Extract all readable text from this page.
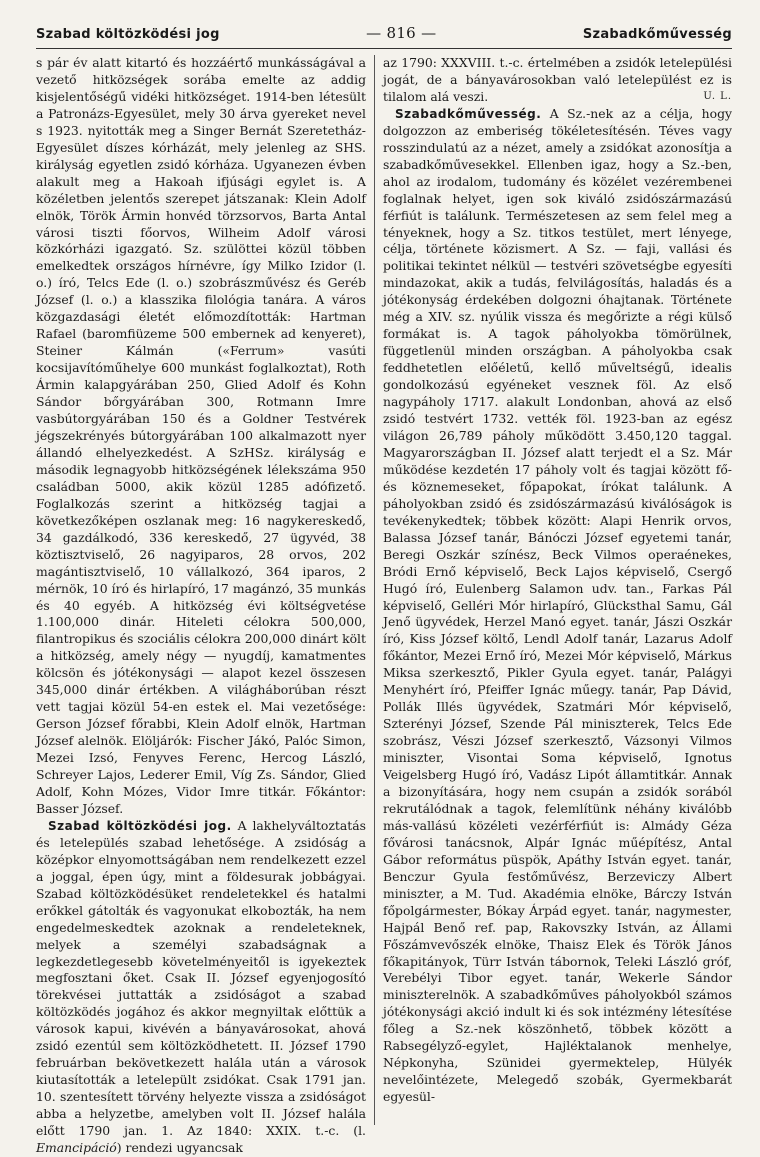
Szabad költözködési jog	— 816 —	Szabadkőművesség

s pár év alatt kitartó és hozzáértő munkásságával a vezető hitközségek sorába emelte az addig kisjelentőségű vidéki hitközséget. 1914-ben létesült a Patronázs-Egyesület, mely 30 árva gyereket nevel s 1923. nyitották meg a Singer Bernát Szeretetház-Egyesület díszes kórházát, mely jelenleg az SHS. királyság egyetlen zsidó kórháza. Ugyanezen évben alakult meg a Hakoah ifjúsági egylet is. A közéletben jelentős szerepet játszanak: Klein Adolf elnök, Török Ármin honvéd törzsorvos, Barta Antal városi tiszti főorvos, Wilheim Adolf városi közkórházi igazgató. Sz. szülöttei közül többen emelkedtek országos hírnévre, így Milko Izidor (l. o.) író, Telcs Ede (l. o.) szobrászművész és Geréb József (l. o.) a klasszika filológia tanára. A város közgazdasági életét előmozdították: Hartman Rafael (baromfiüzeme 500 embernek ad kenyeret), Steiner Kálmán («Ferrum» vasúti kocsijavítóműhelye 600 munkást foglalkoztat), Roth Ármin kalapgyárában 250, Glied Adolf és Kohn Sándor bőrgyárában 300, Rotmann Imre vasbútorgyárában 150 és a Goldner Testvérek jégszekrényés bútorgyárában 100 alkalmazott nyer állandó elhelyezkedést. A SzHSz. királyság e második legnagyobb hitközségének lélekszáma 950 családban 5000, akik közül 1285 adófizető. Foglalkozás szerint a hitközség tagjai a következőképen oszlanak meg: 16 nagykereskedő, 34 gazdálkodó, 336 kereskedő, 27 ügyvéd, 38 köztisztviselő, 26 nagyiparos, 28 orvos, 202 magántisztviselő, 10 vállalkozó, 364 iparos, 2 mérnök, 10 író és hirlapíró, 17 magánzó, 35 munkás és 40 egyéb. A hitközség évi költségvetése 1.100,000 dinár. Hiteleti célokra 500,000, filantropikus és szociális célokra 200,000 dinárt költ a hitközség, amely négy — nyugdíj, kamatmentes kölcsön és jótékonysági — alapot kezel összesen 345,000 dinár értékben. A világháborúban részt vett tagjai közül 54-en estek el. Mai vezetősége: Gerson József főrabbi, Klein Adolf elnök, Hartman József alelnök. Elöljárók: Fischer Jákó, Palóc Simon, Mezei Izsó, Fenyves Ferenc, Hercog László, Schreyer Lajos, Lederer Emil, Víg Zs. Sándor, Glied Adolf, Kohn Mózes, Vidor Imre titkár. Főkántor: Basser József.

Szabad költözködési jog. A lakhelyváltoztatás és letelepülés szabad lehetősége. A zsidóság a középkor elnyomottságában nem rendelkezett ezzel a joggal, épen úgy, mint a földesurak jobbágyai. Szabad költözködésüket rendeletekkel és hatalmi erőkkel gátolták és vagyonukat elkobozták, ha nem engedelmeskedtek azoknak a rendeleteknek, melyek a személyi szabadságnak a legkezdetlegesebb követelményeitől is igyekeztek megfosztani őket. Csak II. József egyenjogosító törekvései juttatták a zsidóságot a szabad költözködés jogához és akkor megnyiltak előttük a városok kapui, kivévén a bányavárosokat, ahová zsidó ezentúl sem költözködhetett. II. József 1790 februárban bekövetkezett halála után a városok kiutasították a letelepült zsidókat. Csak 1791 jan. 10. szentesített törvény helyezte vissza a zsidóságot abba a helyzetbe, amelyben volt II. József halála előtt 1790 jan. 1. Az 1840: XXIX. t.-c. (l. Emancipáció) rendezi ugyancsak

az 1790: XXXVIII. t.-c. értelmében a zsidók letelepülési jogát, de a bányavárosokban való letelepülést ez is tilalom alá veszi.	U. L.

Szabadkőművesség. A Sz.-nek az a célja, hogy dolgozzon az emberiség tökéletesítésén. Téves vagy rosszindulatú az a nézet, amely a zsidókat azonosítja a szabadkőművesekkel. Ellenben igaz, hogy a Sz.-ben, ahol az irodalom, tudomány és közélet vezérembenei foglalnak helyet, igen sok kiváló zsidószármazású férfiút is találunk. Természetesen az sem felel meg a tényeknek, hogy a Sz. titkos testület, mert lényege, célja, története közismert. A Sz. — faji, vallási és politikai tekintet nélkül — testvéri szövetségbe egyesíti mindazokat, akik a tudás, felvilágosítás, haladás és a jótékonyság érdekében dolgozni óhajtanak. Története még a XIV. sz. nyúlik vissza és megőrizte a régi külső formákat is. A tagok páholyokba tömörülnek, függetlenül minden országban. A páholyokba csak feddhetetlen előéletű, kellő műveltségű, idealis gondolkozású egyéneket vesznek föl. Az első nagypáholy 1717. alakult Londonban, ahová az első zsidó testvért 1732. vették föl. 1923-ban az egész világon 26,789 páholy működött 3.450,120 taggal. Magyarországban II. József alatt terjedt el a Sz. Már működése kezdetén 17 páholy volt és tagjai között fő- és köznemeseket, főpapokat, írókat találunk. A páholyokban zsidó és zsidószármazású kiválóságok is tevékenykedtek; többek között: Alapi Henrik orvos, Balassa József tanár, Bánóczi József egyetemi tanár, Beregi Oszkár színész, Beck Vilmos operaénekes, Bródi Ernő képviselő, Beck Lajos képviselő, Csergő Hugó író, Eulenberg Salamon udv. tan., Farkas Pál képviselő, Gelléri Mór hirlapíró, Glücksthal Samu, Gál Jenő ügyvédek, Herzel Manó egyet. tanár, Jászi Oszkár író, Kiss József költő, Lendl Adolf tanár, Lazarus Adolf főkántor, Mezei Ernő író, Mezei Mór képviselő, Márkus Miksa szerkesztő, Pikler Gyula egyet. tanár, Palágyi Menyhért író, Pfeiffer Ignác műegy. tanár, Pap Dávid, Pollák Illés ügyvédek, Szatmári Mór képviselő, Szterényi József, Szende Pál miniszterek, Telcs Ede szobrász, Vészi József szerkesztő, Vázsonyi Vilmos miniszter, Visontai Soma képviselő, Ignotus Veigelsberg Hugó író, Vadász Lipót államtitkár. Annak a bizonyítására, hogy nem csupán a zsidók sorából rekrutálódnak a tagok, felemlítünk néhány kiválóbb más-vallású közéleti vezérférfiút is: Almády Géza fővárosi tanácsnok, Alpár Ignác műépítész, Antal Gábor református püspök, Apáthy István egyet. tanár, Benczur Gyula festőművész, Berzeviczy Albert miniszter, a M. Tud. Akadémia elnöke, Bárczy István főpolgármester, Bókay Árpád egyet. tanár, nagymester, Hajpál Benő ref. pap, Rakovszky István, az Állami Főszámvevőszék elnöke, Thaisz Elek és Török János főkapitányok, Türr István tábornok, Teleki László gróf, Verebélyi Tibor egyet. tanár, Wekerle Sándor miniszterelnök. A szabadkőműves páholyokból számos jótékonysági akció indult ki és sok intézmény létesítése főleg a Sz.-nek köszönhető, többek között a Rabsegélyző-egylet, Hajléktalanok menhelye, Népkonyha, Szünidei gyermektelep, Hülyék nevelőintézete, Melegedő szobák, Gyermekbarát egyesül-
